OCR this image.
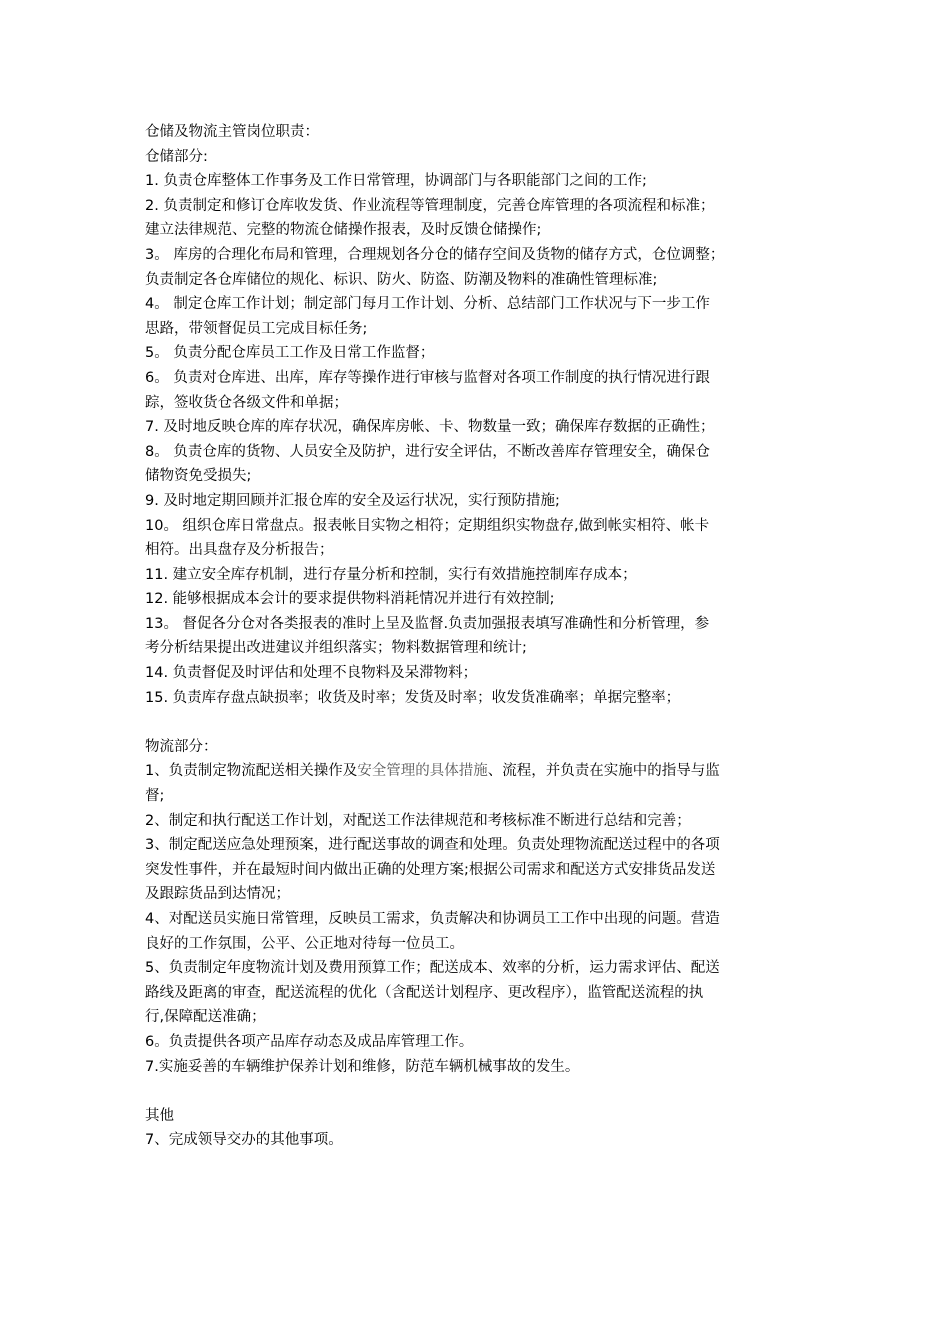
仓储及物流主管岗位职责：
仓储部分:
1. 负责仓库整体工作事务及工作日常管理，协调部门与各职能部门之间的工作;
2. 负责制定和修订仓库收发货、作业流程等管理制度，完善仓库管理的各项流程和标准；
建立法律规范、完整的物流仓储操作报表，及时反馈仓储操作;
3。 库房的合理化布局和管理，合理规划各分仓的储存空间及货物的储存方式，仓位调整；
负责制定各仓库储位的规化、标识、防火、防盗、防潮及物料的准确性管理标准;
4。 制定仓库工作计划；制定部门每月工作计划、分析、总结部门工作状况与下一步工作
思路，带领督促员工完成目标任务;
5。 负责分配仓库员工工作及日常工作监督；
6。 负责对仓库进、出库，库存等操作进行审核与监督对各项工作制度的执行情况进行跟
踪，签收货仓各级文件和单据；
7. 及时地反映仓库的库存状况，确保库房帐、卡、物数量一致；确保库存数据的正确性；
8。 负责仓库的货物、人员安全及防护，进行安全评估，不断改善库存管理安全，确保仓
储物资免受损失;
9. 及时地定期回顾并汇报仓库的安全及运行状况，实行预防措施;
10。 组织仓库日常盘点。报表帐目实物之相符；定期组织实物盘存,做到帐实相符、帐卡
相符。出具盘存及分析报告；
11. 建立安全库存机制，进行存量分析和控制，实行有效措施控制库存成本；
12. 能够根据成本会计的要求提供物料消耗情况并进行有效控制;
13。 督促各分仓对各类报表的准时上呈及监督.负责加强报表填写准确性和分析管理，参
考分析结果提出改进建议并组织落实；物料数据管理和统计;
14. 负责督促及时评估和处理不良物料及呆滞物料；
15. 负责库存盘点缺损率；收货及时率；发货及时率；收发货准确率；单据完整率；
物流部分：
1、负责制定物流配送相关操作及安全管理的具体措施、流程，并负责在实施中的指导与监
督;
2、制定和执行配送工作计划，对配送工作法律规范和考核标准不断进行总结和完善；
3、制定配送应急处理预案，进行配送事故的调查和处理。负责处理物流配送过程中的各项
突发性事件，并在最短时间内做出正确的处理方案;根据公司需求和配送方式安排货品发送
及跟踪货品到达情况；
4、对配送员实施日常管理，反映员工需求，负责解决和协调员工工作中出现的问题。营造
良好的工作氛围，公平、公正地对待每一位员工。
5、负责制定年度物流计划及费用预算工作；配送成本、效率的分析，运力需求评估、配送
路线及距离的审查，配送流程的优化（含配送计划程序、更改程序），监管配送流程的执
行,保障配送准确；
6。负责提供各项产品库存动态及成品库管理工作。
7.实施妥善的车辆维护保养计划和维修，防范车辆机械事故的发生。
其他
7、完成领导交办的其他事项。
